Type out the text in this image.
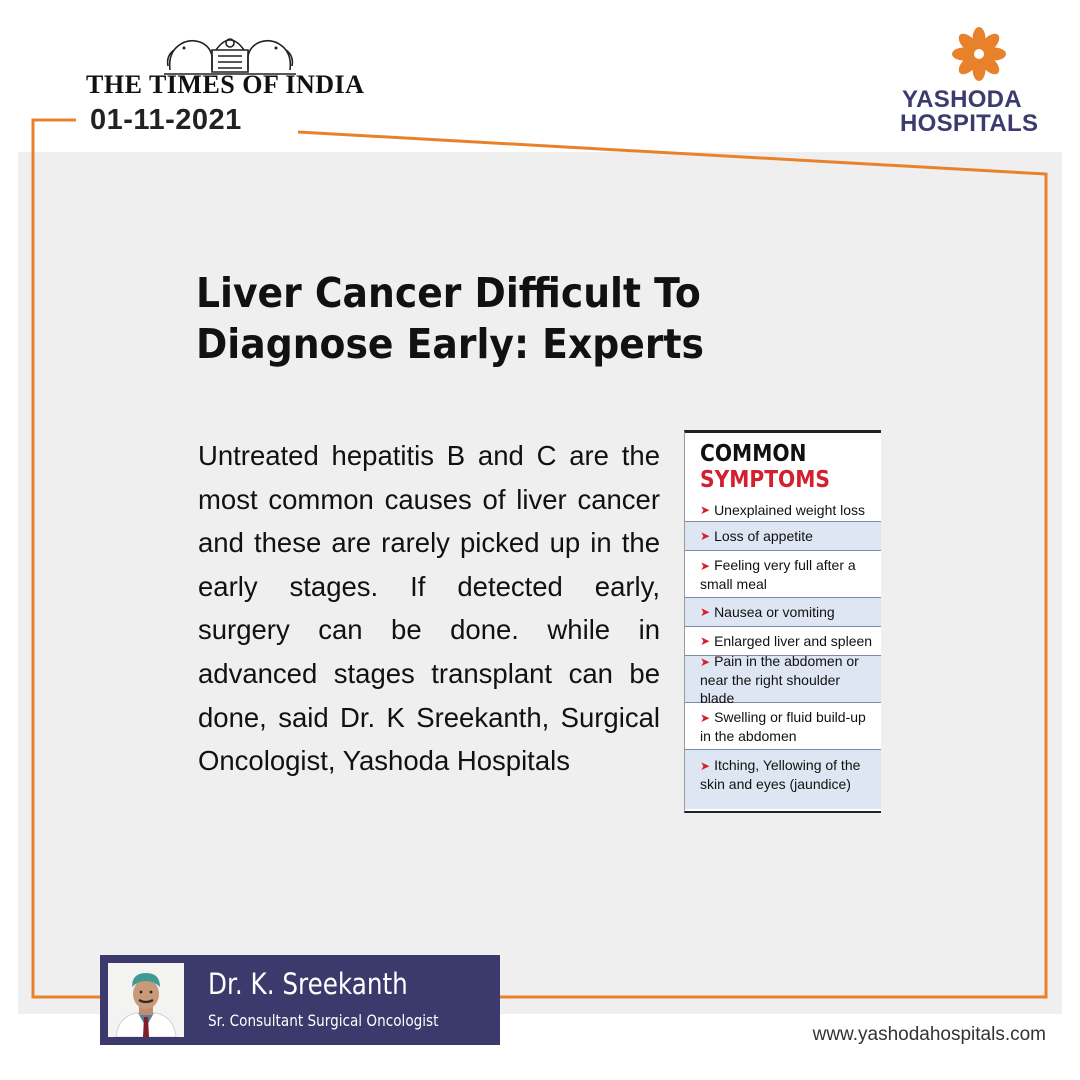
THE TIMES OF INDIA
01-11-2021
YASHODA
HOSPITALS
Liver Cancer Difficult To
Diagnose Early: Experts

Untreated hepatitis B and C are the most common causes of liver cancer and these are rarely picked up in the early stages. If detected early, surgery can be done. while in advanced stages transplant can be done, said Dr. K Sreekanth, Surgical Oncologist, Yashoda Hospitals

COMMON
SYMPTOMS
➤ Unexplained weight loss
➤ Loss of appetite
➤ Feeling very full after a small meal
➤ Nausea or vomiting
➤ Enlarged liver and spleen
➤ Pain in the abdomen or near the right shoulder blade
➤ Swelling or fluid build-up in the abdomen
➤ Itching, Yellowing of the skin and eyes (jaundice)
Dr. K. Sreekanth
Sr. Consultant Surgical Oncologist
www.yashodahospitals.com
